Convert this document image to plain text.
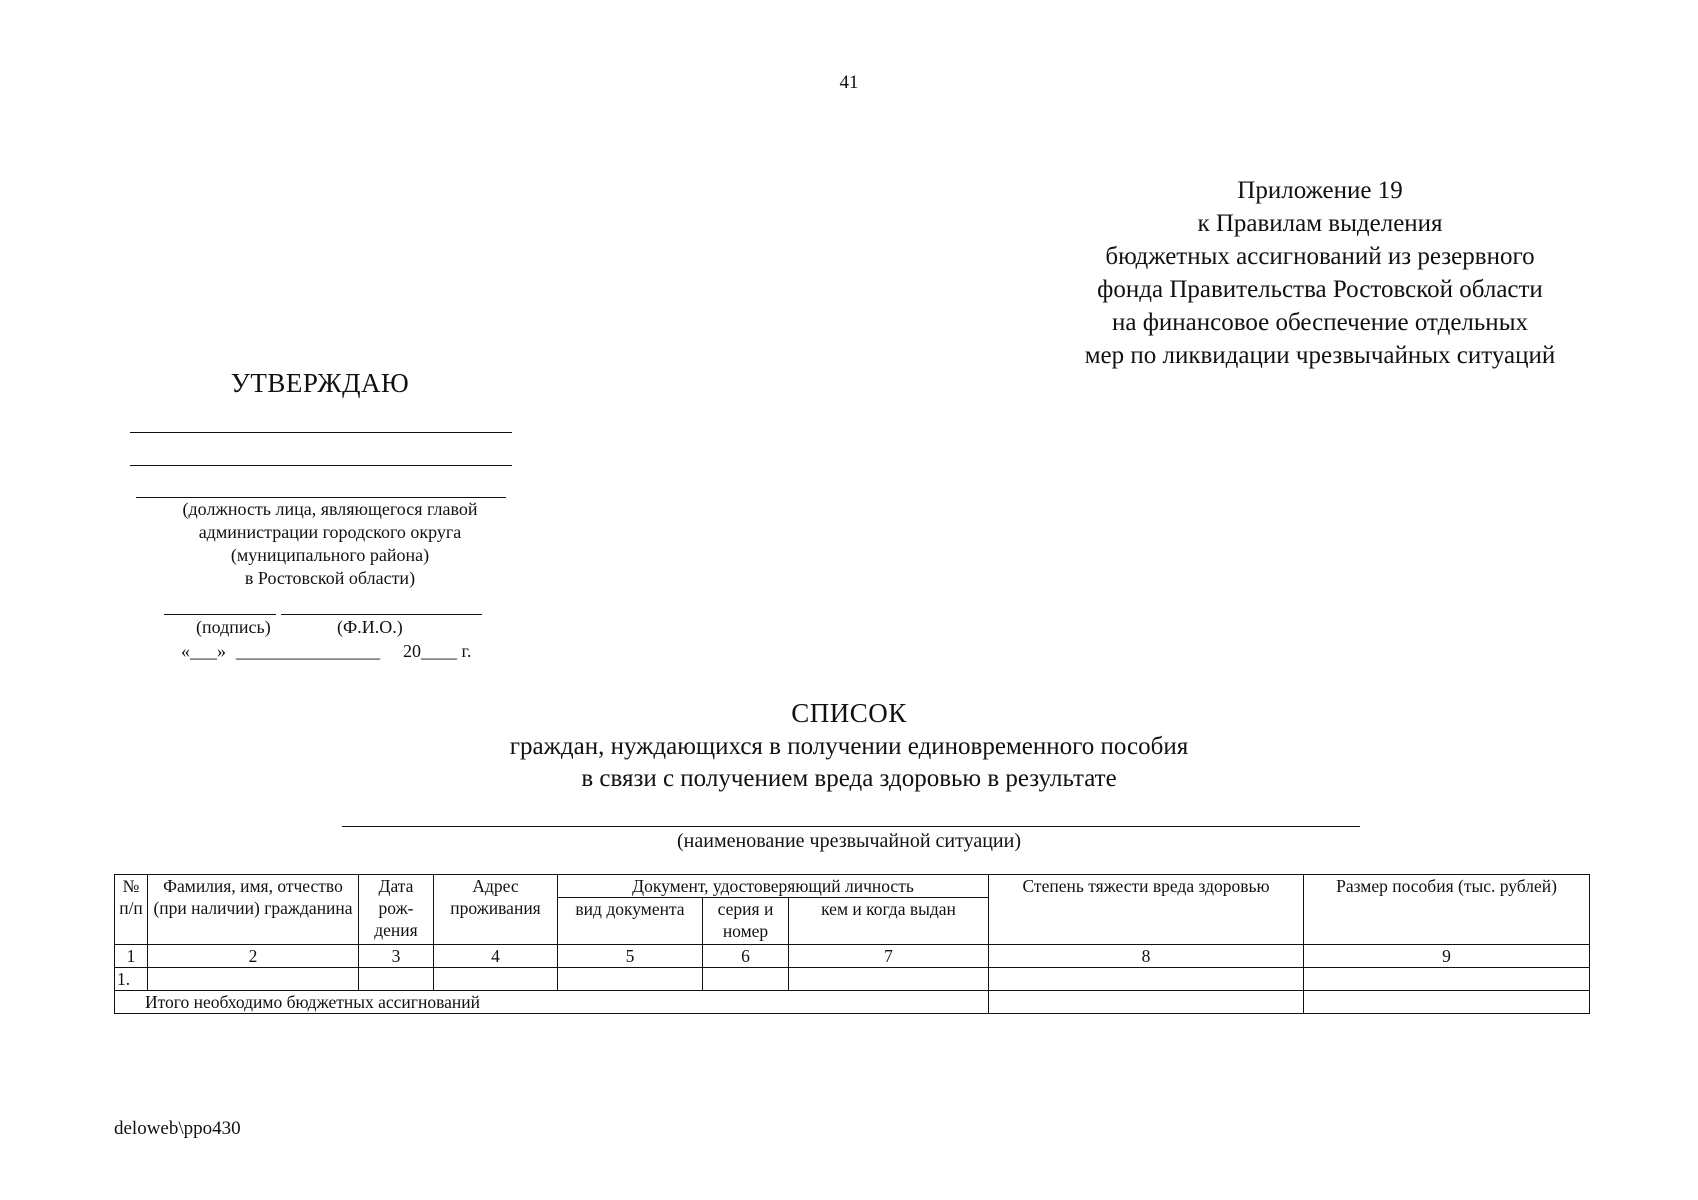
41
Приложение 19
к Правилам выделения
бюджетных ассигнований из резервного
фонда Правительства Ростовской области
на финансовое обеспечение отдельных
мер по ликвидации чрезвычайных ситуаций
УТВЕРЖДАЮ
(должность лица, являющегося главой
администрации городского округа
(муниципального района)
в Ростовской области)
(подпись)	(Ф.И.О.)
«___» ________________ 20____ г.
СПИСОК
граждан, нуждающихся в получении единовременного пособия
в связи с получением вреда здоровью в результате
(наименование чрезвычайной ситуации)
№ п/п	Фамилия, имя, отчество (при наличии) гражданина	Дата рож-дения	Адрес проживания	Документ, удостоверяющий личность			Степень тяжести вреда здоровью	Размер пособия (тыс. рублей)
				вид документа	серия и номер	кем и когда выдан		
1	2	3	4	5	6	7	8	9
1.								
Итого необходимо бюджетных ассигнований								
deloweb\ppo430
